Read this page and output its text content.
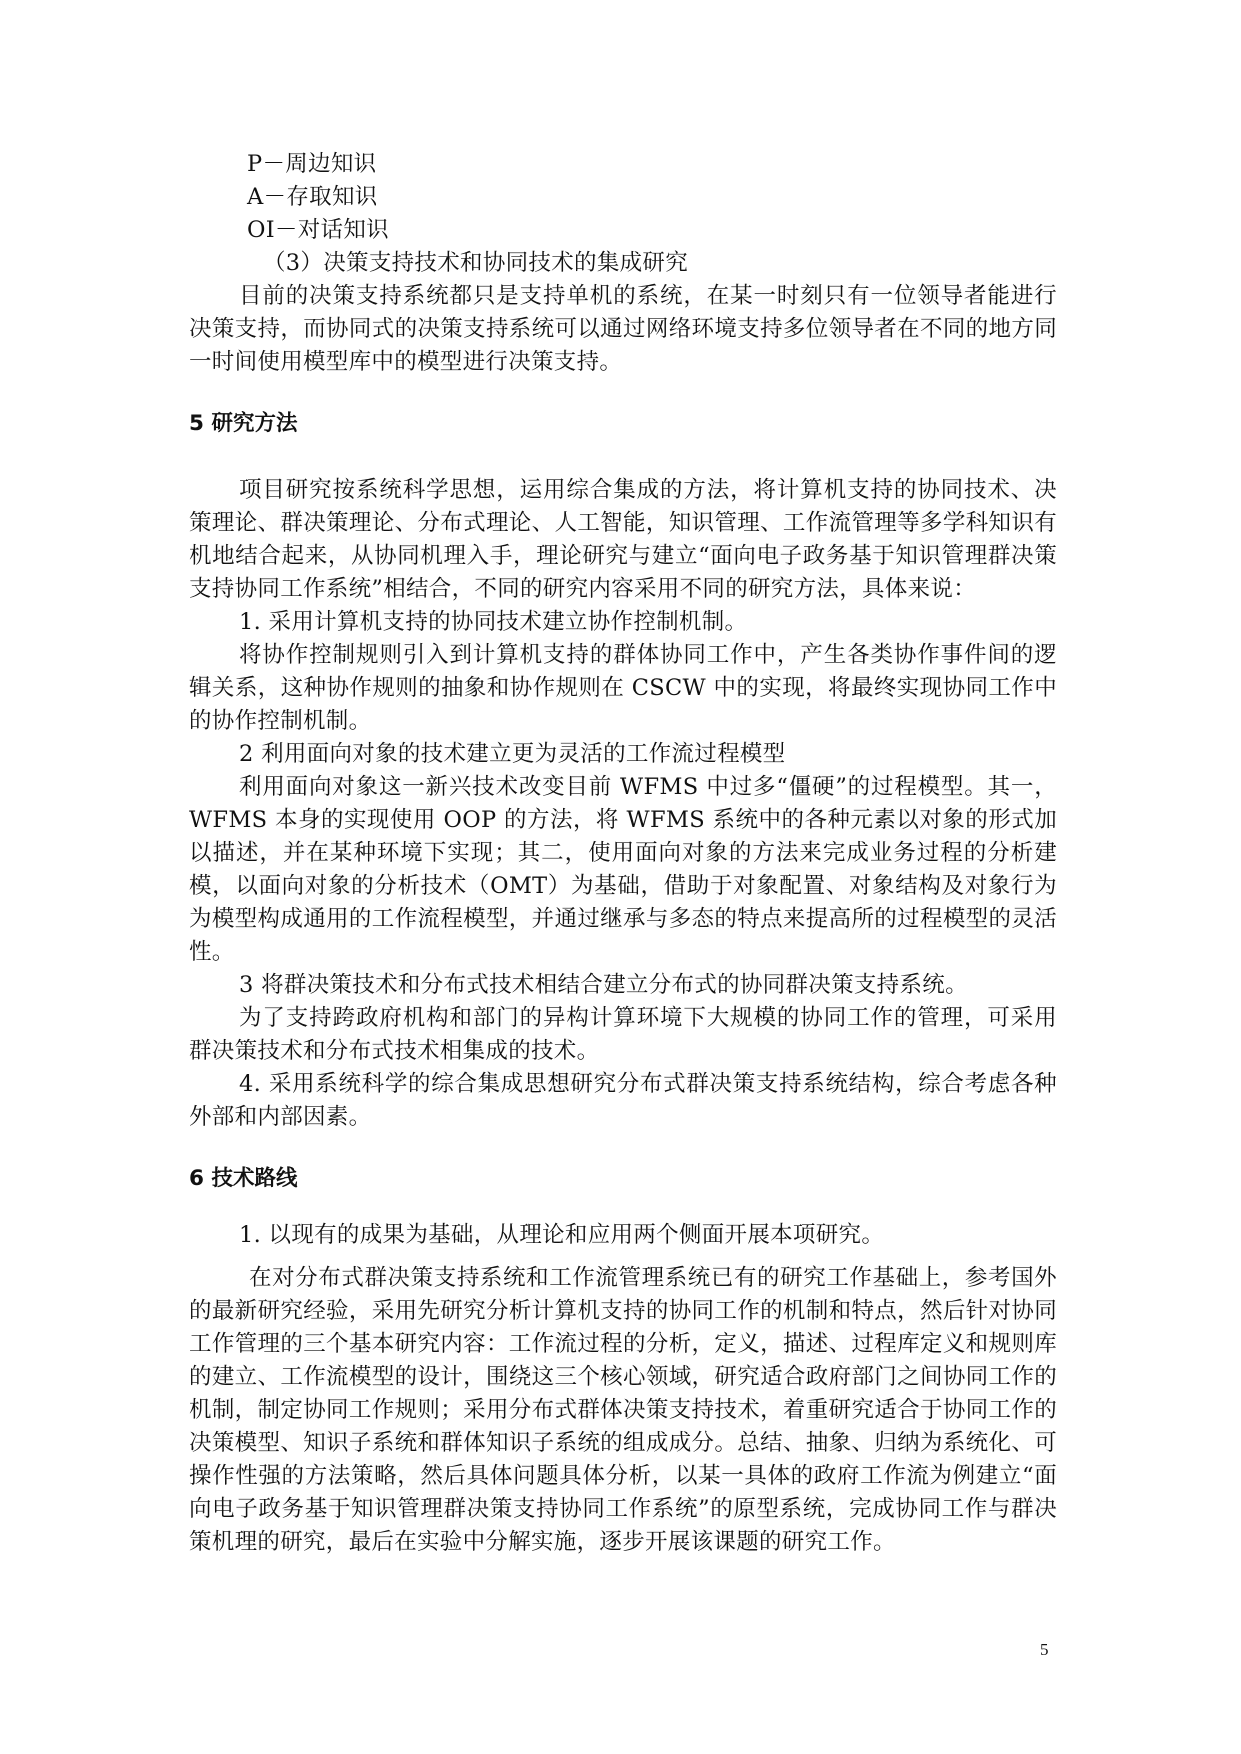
P－周边知识
A－存取知识
OI－对话知识
（3）决策支持技术和协同技术的集成研究

目前的决策支持系统都只是支持单机的系统，在某一时刻只有一位领导者能进行决策支持，而协同式的决策支持系统可以通过网络环境支持多位领导者在不同的地方同一时间使用模型库中的模型进行决策支持。

5 研究方法

项目研究按系统科学思想，运用综合集成的方法，将计算机支持的协同技术、决策理论、群决策理论、分布式理论、人工智能，知识管理、工作流管理等多学科知识有机地结合起来，从协同机理入手，理论研究与建立“面向电子政务基于知识管理群决策支持协同工作系统”相结合，不同的研究内容采用不同的研究方法，具体来说：

1. 采用计算机支持的协同技术建立协作控制机制。

将协作控制规则引入到计算机支持的群体协同工作中，产生各类协作事件间的逻辑关系，这种协作规则的抽象和协作规则在 CSCW 中的实现，将最终实现协同工作中的协作控制机制。

2 利用面向对象的技术建立更为灵活的工作流过程模型

利用面向对象这一新兴技术改变目前 WFMS 中过多“僵硬”的过程模型。其一，WFMS 本身的实现使用 OOP 的方法，将 WFMS 系统中的各种元素以对象的形式加以描述，并在某种环境下实现；其二，使用面向对象的方法来完成业务过程的分析建模，以面向对象的分析技术（OMT）为基础，借助于对象配置、对象结构及对象行为为模型构成通用的工作流程模型，并通过继承与多态的特点来提高所的过程模型的灵活性。

3 将群决策技术和分布式技术相结合建立分布式的协同群决策支持系统。

为了支持跨政府机构和部门的异构计算环境下大规模的协同工作的管理，可采用群决策技术和分布式技术相集成的技术。

4. 采用系统科学的综合集成思想研究分布式群决策支持系统结构，综合考虑各种外部和内部因素。

6 技术路线
1. 以现有的成果为基础，从理论和应用两个侧面开展本项研究。

在对分布式群决策支持系统和工作流管理系统已有的研究工作基础上，参考国外的最新研究经验，采用先研究分析计算机支持的协同工作的机制和特点，然后针对协同工作管理的三个基本研究内容：工作流过程的分析，定义，描述、过程库定义和规则库的建立、工作流模型的设计，围绕这三个核心领域，研究适合政府部门之间协同工作的机制，制定协同工作规则；采用分布式群体决策支持技术，着重研究适合于协同工作的决策模型、知识子系统和群体知识子系统的组成成分。总结、抽象、归纳为系统化、可操作性强的方法策略，然后具体问题具体分析，以某一具体的政府工作流为例建立“面向电子政务基于知识管理群决策支持协同工作系统”的原型系统，完成协同工作与群决策机理的研究，最后在实验中分解实施，逐步开展该课题的研究工作。

5
